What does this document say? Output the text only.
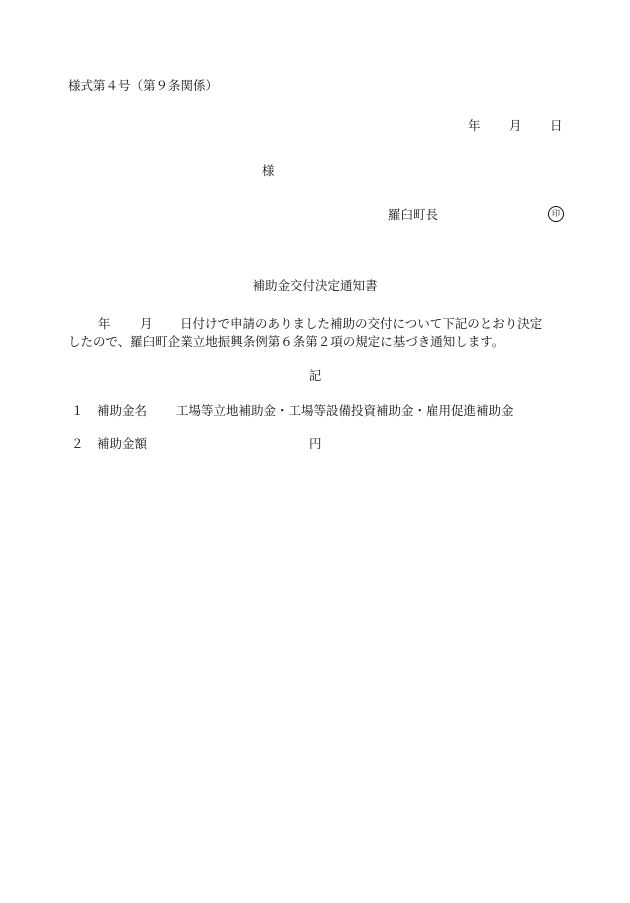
様式第４号（第９条関係）
年 月 日
様
羅臼町長	印
補助金交付決定通知書
年 月 日付けで申請のありました補助の交付について下記のとおり決定
したので、羅臼町企業立地振興条例第６条第２項の規定に基づき通知します。
記
１ 補助金名 工場等立地補助金・工場等設備投資補助金・雇用促進補助金
２ 補助金額	円
